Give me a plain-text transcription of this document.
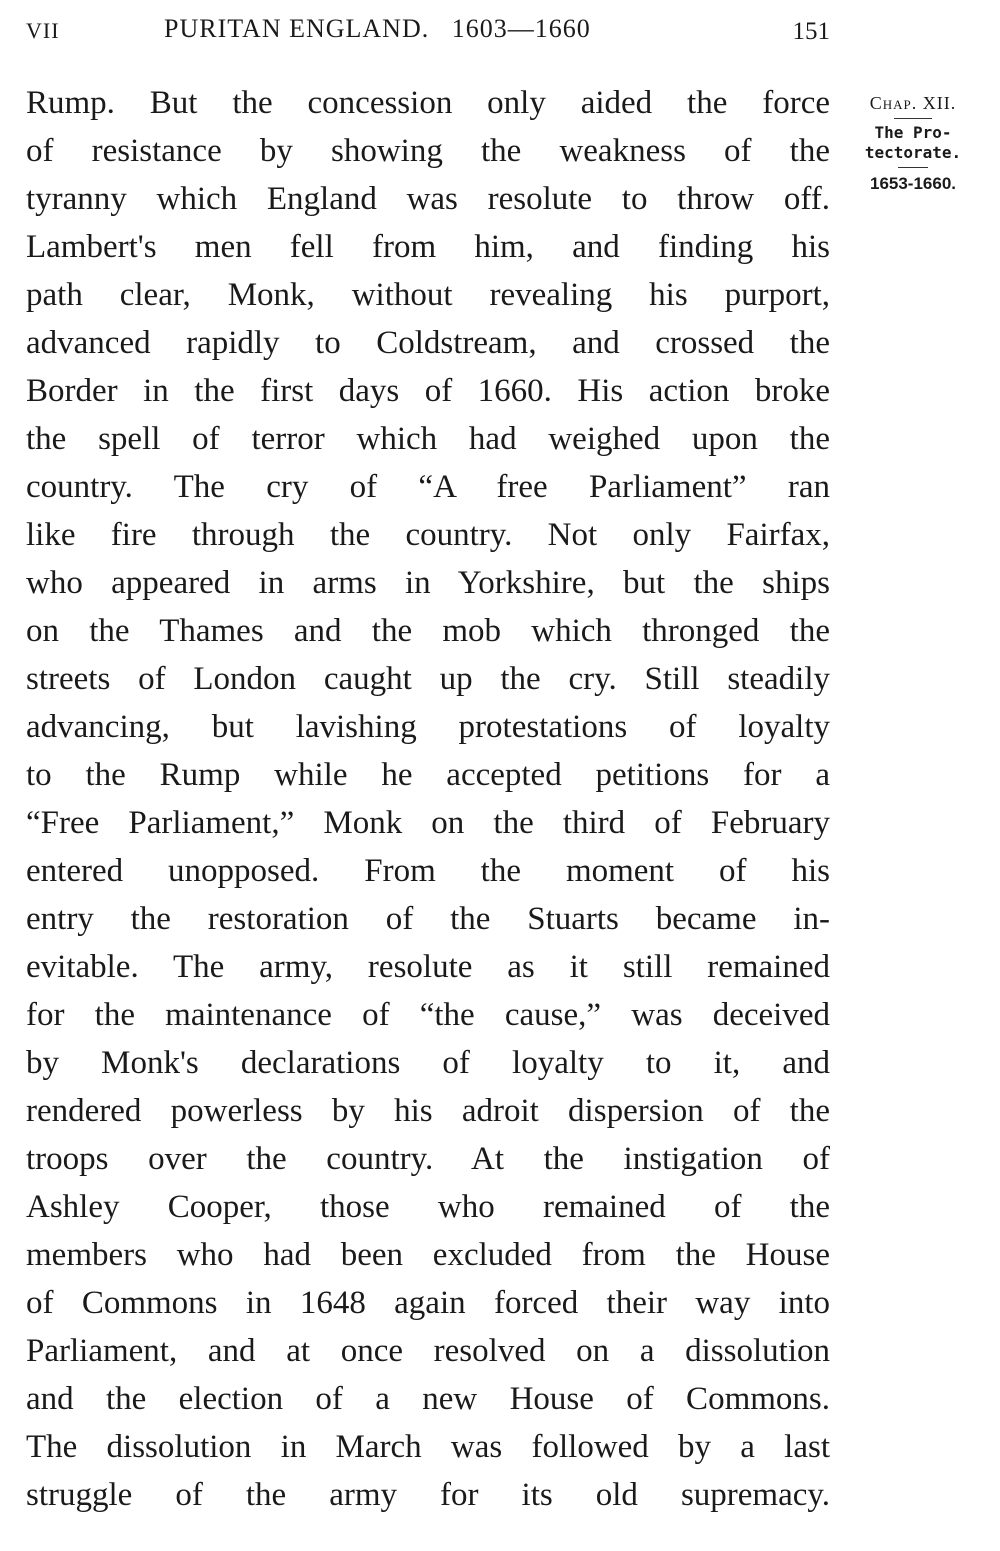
VII	PURITAN ENGLAND.   1603—1660	151
Chap. XII.
The Pro-
tectorate.
1653-1660.
Rump. But the concession only aided the force
of resistance by showing the weakness of the
tyranny which England was resolute to throw off.
Lambert's men fell from him, and finding his
path clear, Monk, without revealing his purport,
advanced rapidly to Coldstream, and crossed the
Border in the first days of 1660. His action broke
the spell of terror which had weighed upon the
country. The cry of “A free Parliament” ran
like fire through the country. Not only Fairfax,
who appeared in arms in Yorkshire, but the ships
on the Thames and the mob which thronged the
streets of London caught up the cry. Still steadily
advancing, but lavishing protestations of loyalty
to the Rump while he accepted petitions for a
“Free Parliament,” Monk on the third of February
entered unopposed. From the moment of his
entry the restoration of the Stuarts became in-
evitable. The army, resolute as it still remained
for the maintenance of “the cause,” was deceived
by Monk's declarations of loyalty to it, and
rendered powerless by his adroit dispersion of the
troops over the country. At the instigation of
Ashley Cooper, those who remained of the
members who had been excluded from the House
of Commons in 1648 again forced their way into
Parliament, and at once resolved on a dissolution
and the election of a new House of Commons.
The dissolution in March was followed by a last
struggle of the army for its old supremacy.
